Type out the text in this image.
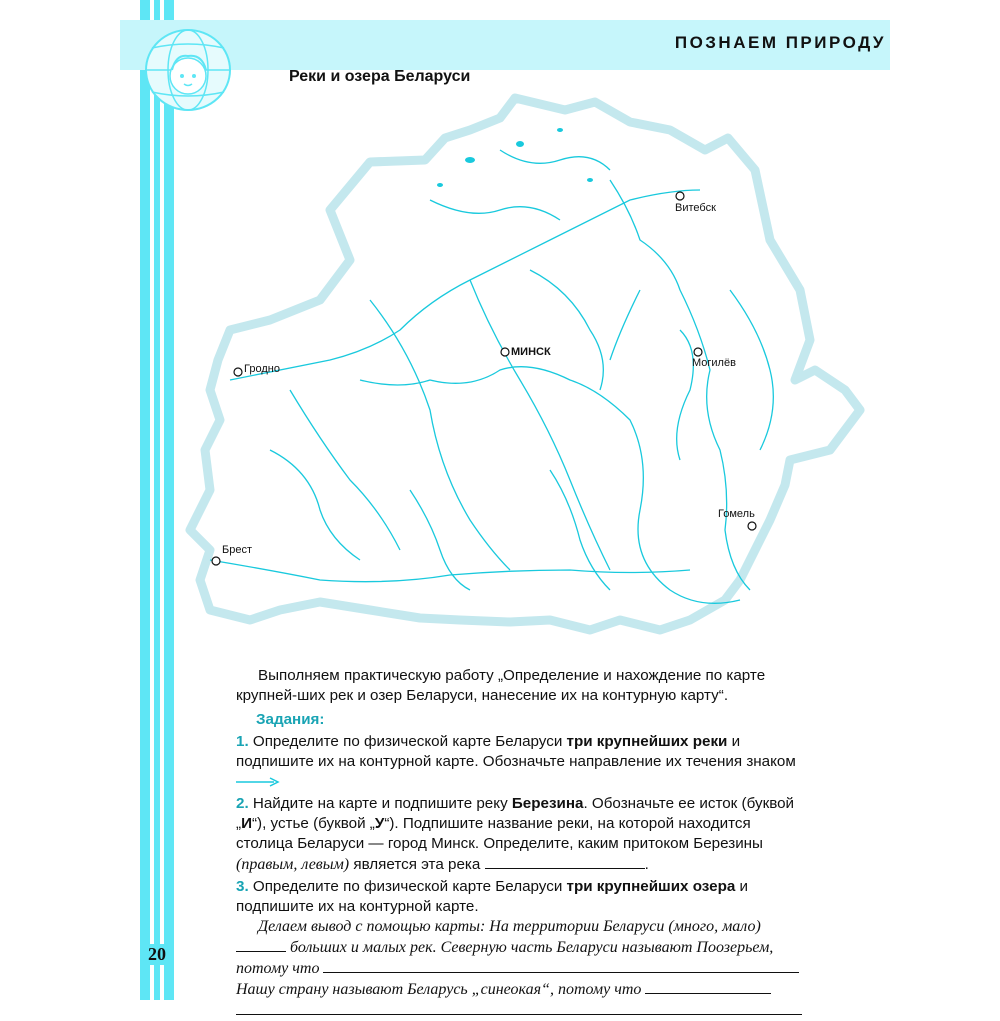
ПОЗНАЕМ ПРИРОДУ
Реки и озера Беларуси
Витебск
МИНСК
Могилёв
Гродно
Гомель
Брест

Выполняем практическую работу „Определение и нахождение по карте крупней-ших рек и озер Беларуси, нанесение их на контурную карту“.

Задания:

1. Определите по физической карте Беларуси три крупнейших реки и подпишите их на контурной карте. Обозначьте направление их течения знаком

2. Найдите на карте и подпишите реку Березина. Обозначьте ее исток (буквой „И“), устье (буквой „У“). Подпишите название реки, на которой находится столица Беларуси — город Минск. Определите, каким притоком Березины (правым, левым) является эта река	.

3. Определите по физической карте Беларуси три крупнейших озера и подпишите их на контурной карте.

Делаем вывод с помощью карты: На территории Беларуси (много, мало)  больших и малых рек. Северную часть Беларуси называют Поозерьем, потому что

Нашу страну называют Беларусь „синеокая“, потому что

20
